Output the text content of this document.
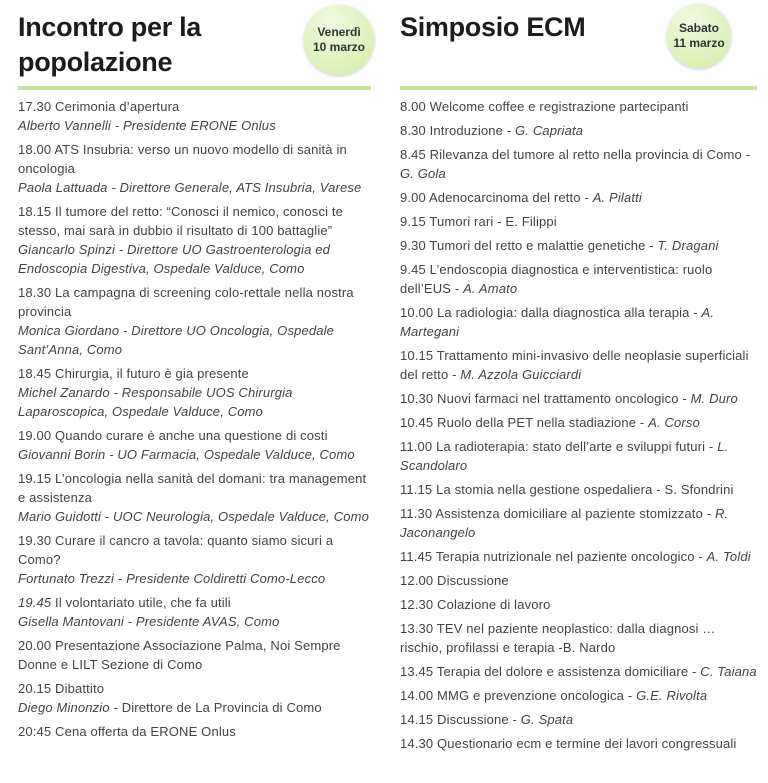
Incontro per la popolazione
Venerdì
10 marzo
17.30 Cerimonia d’apertura
Alberto Vannelli - Presidente ERONE Onlus
18.00 ATS Insubria: verso un nuovo modello di sanità in oncologia
Paola Lattuada - Direttore Generale, ATS Insubria, Varese
18.15 Il tumore del retto: “Conosci il nemico, conosci te stesso, mai sarà in dubbio il risultato di 100 battaglie”
Giancarlo Spinzi - Direttore UO Gastroenterologia ed Endoscopia Digestiva, Ospedale Valduce, Como
18.30 La campagna di screening colo-rettale nella nostra provincia
Monica Giordano - Direttore UO Oncologia, Ospedale Sant’Anna, Como
18.45 Chirurgia, il futuro è gia presente
Michel Zanardo - Responsabile UOS Chirurgia Laparoscopica, Ospedale Valduce, Como
19.00 Quando curare è anche una questione di costi
Giovanni Borin - UO Farmacia, Ospedale Valduce, Como
19.15 L’oncologia nella sanità del domani: tra management e assistenza
Mario Guidotti - UOC Neurologia, Ospedale Valduce, Como
19.30 Curare il cancro a tavola: quanto siamo sicuri a Como?
Fortunato Trezzi - Presidente Coldiretti Como-Lecco
19.45 Il volontariato utile, che fa utili
Gisella Mantovani - Presidente AVAS, Como
20.00 Presentazione Associazione Palma, Noi Sempre Donne e LILT Sezione di Como
20.15 Dibattito
Diego Minonzio - Direttore de La Provincia di Como
20:45 Cena offerta da ERONE Onlus
Simposio ECM	Sabato
11 marzo
8.00 Welcome coffee e registrazione partecipanti
8.30 Introduzione - G. Capriata
8.45 Rilevanza del tumore al retto nella provincia di Como - G. Gola
9.00 Adenocarcinoma del retto - A. Pilatti
9.15 Tumori rari - E. Filippi
9.30 Tumori del retto e malattie genetiche - T. Dragani
9.45 L’endoscopia diagnostica e interventistica: ruolo dell’EUS - A. Amato
10.00 La radiologia: dalla diagnostica alla terapia - A. Martegani
10.15 Trattamento mini-invasivo delle neoplasie superficiali del retto - M. Azzola Guicciardi
10.30 Nuovi farmaci nel trattamento oncologico - M. Duro
10.45 Ruolo della PET nella stadiazione - A. Corso
11.00 La radioterapia: stato dell’arte e sviluppi futuri - L. Scandolaro
11.15 La stomia nella gestione ospedaliera - S. Sfondrini
11.30 Assistenza domiciliare al paziente stomizzato - R. Jaconangelo
11.45 Terapia nutrizionale nel paziente oncologico - A. Toldi
12.00 Discussione
12.30 Colazione di lavoro
13.30 TEV nel paziente neoplastico: dalla diagnosi … rischio, profilassi e terapia -B. Nardo
13.45 Terapia del dolore e assistenza domiciliare - C. Taiana
14.00 MMG e prevenzione oncologica - G.E. Rivolta
14.15 Discussione - G. Spata
14.30 Questionario ecm e termine dei lavori congressuali
